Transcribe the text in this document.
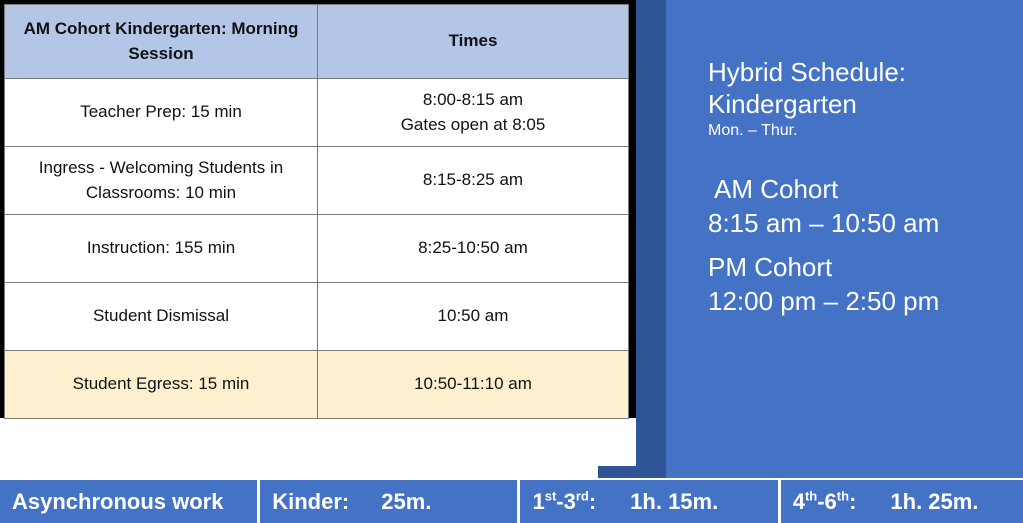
AM Cohort Kindergarten: Morning Session	Times
Teacher Prep: 15 min	8:00-8:15 am
Gates open at 8:05

Ingress - Welcoming Students in Classrooms: 10 min	8:15-8:25 am
Instruction: 155 min	8:25-10:50 am
Student Dismissal	10:50 am
Student Egress: 15 min	10:50-11:10 am
Hybrid Schedule:
Kindergarten
Mon. – Thur.
AM Cohort
8:15 am – 10:50 am
PM Cohort
12:00 pm – 2:50 pm
Asynchronous work Kinder: 25m.	1st-3rd: 1h. 15m.	4th-6th: 1h. 25m.
